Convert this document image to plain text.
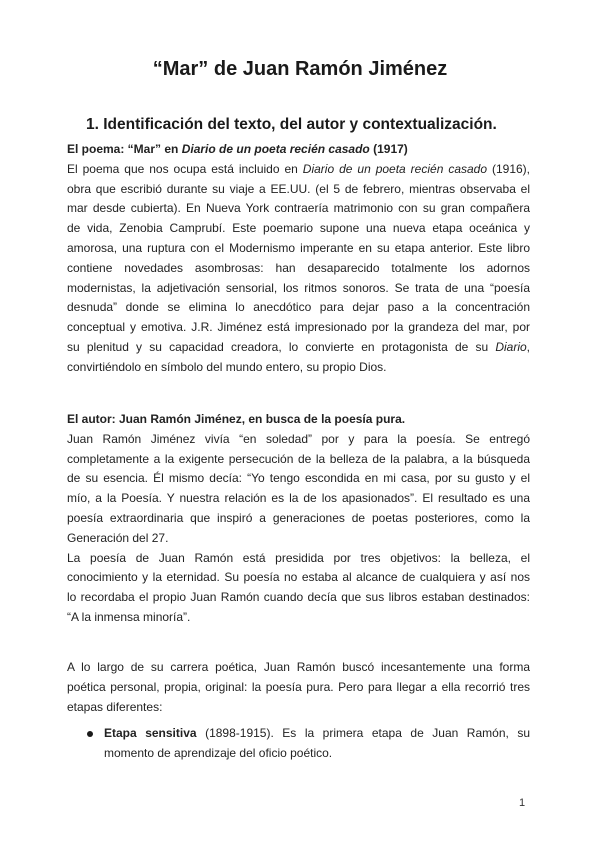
“Mar” de Juan Ramón Jiménez
1. Identificación del texto, del autor y contextualización.
El poema: “Mar” en Diario de un poeta recién casado (1917)
El poema que nos ocupa está incluido en Diario de un poeta recién casado (1916),
obra que escribió durante su viaje a EE.UU. (el 5 de febrero, mientras observaba el
mar desde cubierta). En Nueva York contraería matrimonio con su gran compañera
de vida, Zenobia Camprubí. Este poemario supone una nueva etapa oceánica y
amorosa, una ruptura con el Modernismo imperante en su etapa anterior. Este libro
contiene novedades asombrosas: han desaparecido totalmente los adornos
modernistas, la adjetivación sensorial, los ritmos sonoros. Se trata de una “poesía
desnuda” donde se elimina lo anecdótico para dejar paso a la concentración
conceptual y emotiva. J.R. Jiménez está impresionado por la grandeza del mar, por
su plenitud y su capacidad creadora, lo convierte en protagonista de su Diario,
convirtiéndolo en símbolo del mundo entero, su propio Dios.
El autor: Juan Ramón Jiménez, en busca de la poesía pura.
Juan Ramón Jiménez vivía “en soledad” por y para la poesía. Se entregó
completamente a la exigente persecución de la belleza de la palabra, a la búsqueda
de su esencia. Él mismo decía: “Yo tengo escondida en mi casa, por su gusto y el
mío, a la Poesía. Y nuestra relación es la de los apasionados”. El resultado es una
poesía extraordinaria que inspiró a generaciones de poetas posteriores, como la
Generación del 27.
La poesía de Juan Ramón está presidida por tres objetivos: la belleza, el
conocimiento y la eternidad. Su poesía no estaba al alcance de cualquiera y así nos
lo recordaba el propio Juan Ramón cuando decía que sus libros estaban destinados:
“A la inmensa minoría”.
A lo largo de su carrera poética, Juan Ramón buscó incesantemente una forma
poética personal, propia, original: la poesía pura. Pero para llegar a ella recorrió tres
etapas diferentes:
Etapa sensitiva (1898-1915). Es la primera etapa de Juan Ramón, su
momento de aprendizaje del oficio poético.
1
